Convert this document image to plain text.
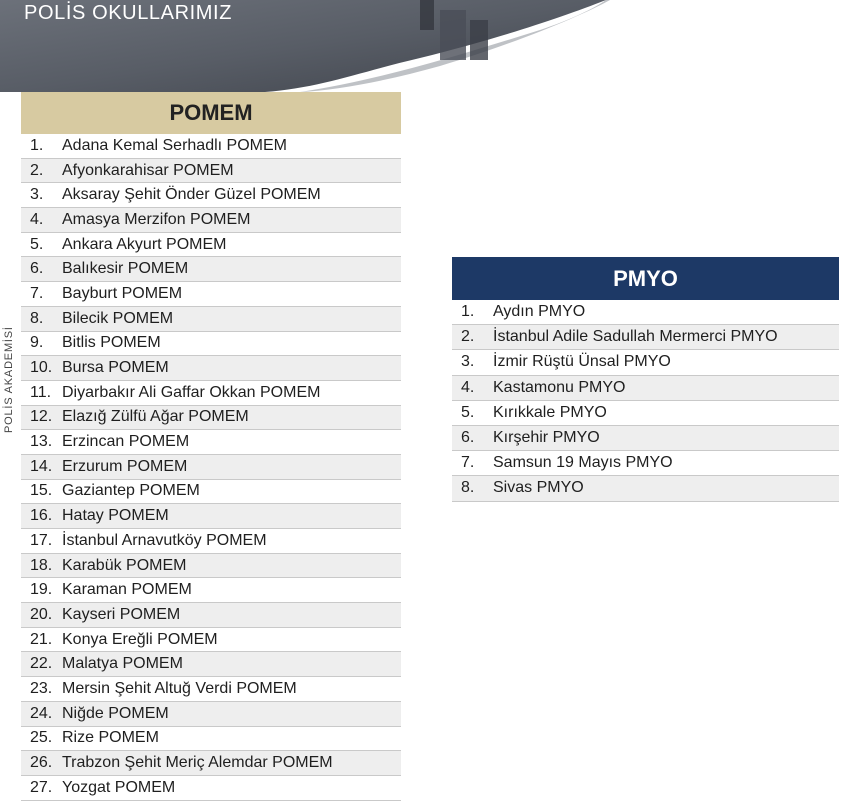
POLİS OKULLARIMIZ
POLİS AKADEMİSİ
POMEM
1.	Adana Kemal Serhadlı POMEM
2.	Afyonkarahisar POMEM
3.	Aksaray Şehit Önder Güzel POMEM
4.	Amasya Merzifon POMEM
5.	Ankara Akyurt POMEM
6.	Balıkesir POMEM
7.	Bayburt POMEM
8.	Bilecik POMEM
9.	Bitlis POMEM
10. Bursa POMEM
11. Diyarbakır Ali Gaffar Okkan POMEM
12. Elazığ Zülfü Ağar POMEM
13. Erzincan POMEM
14. Erzurum POMEM
15. Gaziantep POMEM
16. Hatay POMEM
17. İstanbul Arnavutköy POMEM
18. Karabük POMEM
19. Karaman POMEM
20. Kayseri POMEM
21. Konya Ereğli POMEM
22. Malatya POMEM
23. Mersin Şehit Altuğ Verdi POMEM
24. Niğde POMEM
25. Rize POMEM
26. Trabzon Şehit Meriç Alemdar POMEM
27. Yozgat POMEM
PMYO
1.	Aydın PMYO
2.	İstanbul Adile Sadullah Mermerci PMYO
3.	İzmir Rüştü Ünsal PMYO
4.	Kastamonu PMYO
5.	Kırıkkale PMYO
6.	Kırşehir PMYO
7.	Samsun 19 Mayıs PMYO
8.	Sivas PMYO
